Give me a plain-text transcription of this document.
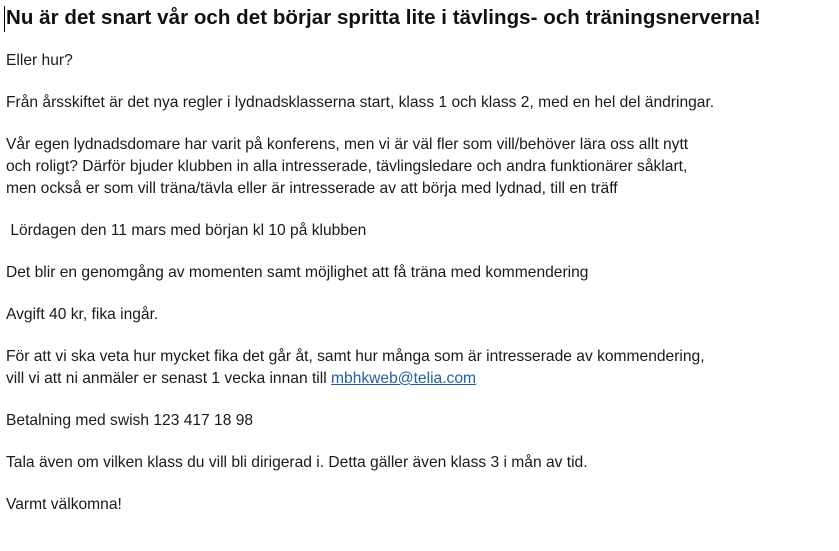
Nu är det snart vår och det börjar spritta lite i tävlings- och träningsnerverna!

Eller hur?

Från årsskiftet är det nya regler i lydnadsklasserna start, klass 1 och klass 2, med en hel del ändringar.

Vår egen lydnadsdomare har varit på konferens, men vi är väl fler som vill/behöver lära oss allt nytt

och roligt? Därför bjuder klubben in alla intresserade, tävlingsledare och andra funktionärer såklart,

men också er som vill träna/tävla eller är intresserade av att börja med lydnad, till en träff

Lördagen den 11 mars med början kl 10 på klubben

Det blir en genomgång av momenten samt möjlighet att få träna med kommendering

Avgift 40 kr, fika ingår.

För att vi ska veta hur mycket fika det går åt, samt hur många som är intresserade av kommendering,

vill vi att ni anmäler er senast 1 vecka innan till mbhkweb@telia.com

Betalning med swish 123 417 18 98

Tala även om vilken klass du vill bli dirigerad i. Detta gäller även klass 3 i mån av tid.

Varmt välkomna!
